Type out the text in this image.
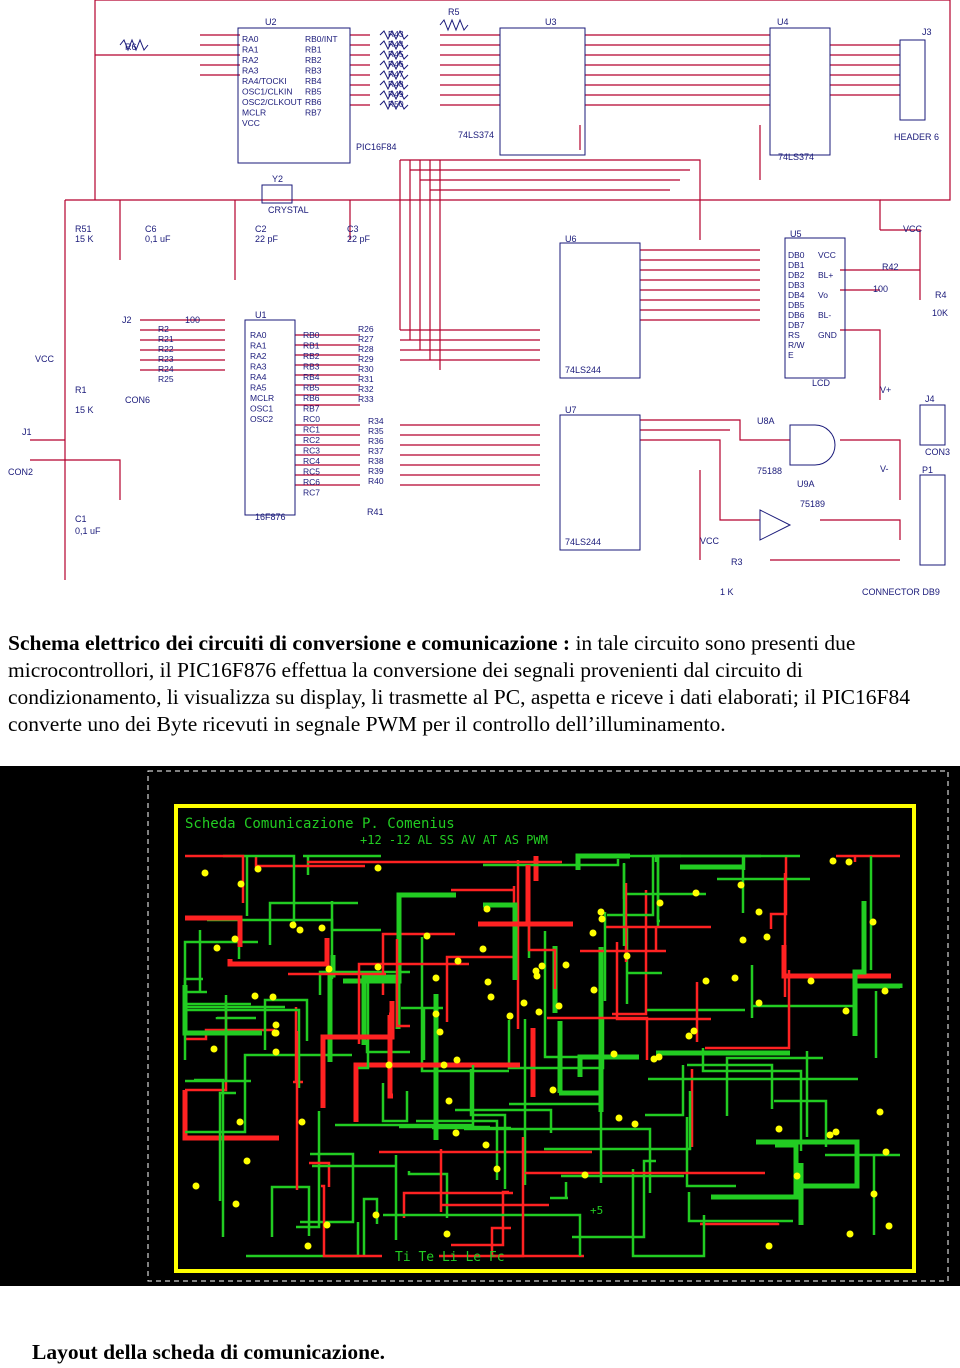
R6
U2
R5
U3	U4
J3
PIC16F84
74LS374
74LS374
HEADER 6
Y2
CRYSTAL
R51
15 K
C6
0,1 uF
C2
22 pF
C3
22 pF
VCC
J2
CON6
R1
15 K
J1
CON2
C1
0,1 uF
100	U1
16F876	R41
U6
74LS244
U7
74LS244
U5
LCD
VCC
R42
100
R4
10K
V+
V-
J4
CON3
U8A
75188
U9A
75189
VCC
R3
1 K
P1
CONNECTOR DB9
RA0
RA1
RA2
RA3
RA4/TOCKI
OSC1/CLKIN
OSC2/CLKOUT
MCLR
VCC
RB0/INT
RB1
RB2
RB3
RB4
RB5
RB6
RB7
R43
R44
R45
R46
R47
R48
R49
R50
RA0
RA1
RA2
RA3
RA4
RA5
MCLR
OSC1
OSC2
RB0
RB1
RB2
RB3
RB4
RB5
RB6
RB7
RC0
RC1
RC2
RC3
RC4
RC5
RC6
RC7
R26
R27
R28
R29
R30
R31
R32
R33
R34
R35
R36
R37
R38
R39
R40
R2
R21
R22
R23
R24
R25
DB0
DB1
DB2
DB3
DB4
DB5
DB6
DB7
RS
R/W
E
VCC
BL+
Vo
BL-
GND

Schema elettrico dei circuiti di conversione e comunicazione : in tale circuito sono presenti due microcontrollori, il PIC16F876 effettua la conversione dei segnali provenienti dal circuito di condizionamento, li visualizza su display, li trasmette al PC, aspetta e riceve i dati elaborati; il PIC16F84 converte uno dei Byte ricevuti in segnale PWM per il controllo dell’illuminamento.

Scheda Comunicazione P. Comenius
+12 -12 AL SS AV AT AS PWM
Ti Te Li Le Fc
+5
Layout della scheda di comunicazione.
